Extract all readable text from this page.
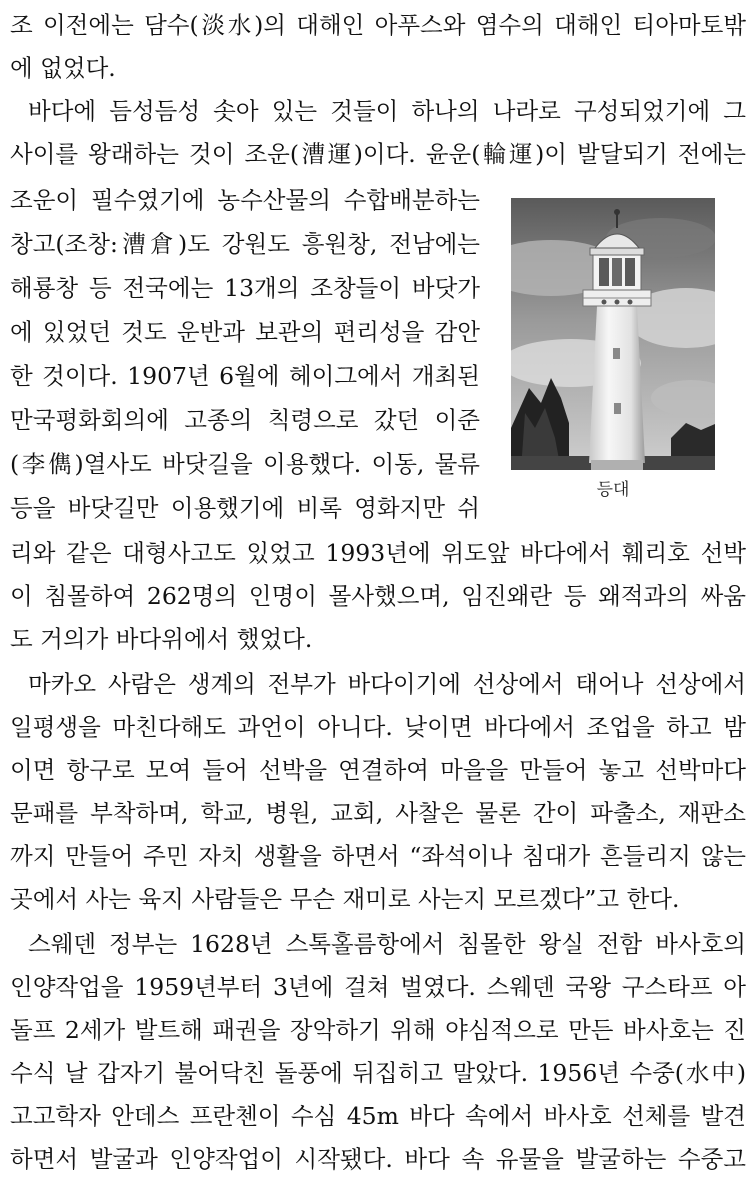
조 이전에는 담수(淡水)의 대해인 아푸스와 염수의 대해인 티아마토밖
에 없었다.
바다에 듬성듬성 솟아 있는 것들이 하나의 나라로 구성되었기에 그
사이를 왕래하는 것이 조운(漕運)이다. 윤운(輪運)이 발달되기 전에는
조운이 필수였기에 농수산물의 수합배분하는
창고(조창:漕倉)도 강원도 흥원창, 전남에는
해룡창 등 전국에는 13개의 조창들이 바닷가
에 있었던 것도 운반과 보관의 편리성을 감안
한 것이다. 1907년 6월에 헤이그에서 개최된
만국평화회의에 고종의 칙령으로 갔던 이준
(李儁)열사도 바닷길을 이용했다. 이동, 물류
등을 바닷길만 이용했기에 비록 영화지만 쉬
리와 같은 대형사고도 있었고 1993년에 위도앞 바다에서 훼리호 선박
이 침몰하여 262명의 인명이 몰사했으며, 임진왜란 등 왜적과의 싸움
도 거의가 바다위에서 했었다.
마카오 사람은 생계의 전부가 바다이기에 선상에서 태어나 선상에서
일평생을 마친다해도 과언이 아니다. 낮이면 바다에서 조업을 하고 밤
이면 항구로 모여 들어 선박을 연결하여 마을을 만들어 놓고 선박마다
문패를 부착하며, 학교, 병원, 교회, 사찰은 물론 간이 파출소, 재판소
까지 만들어 주민 자치 생활을 하면서 “좌석이나 침대가 흔들리지 않는
곳에서 사는 육지 사람들은 무슨 재미로 사는지 모르겠다”고 한다.
스웨덴 정부는 1628년 스톡홀름항에서 침몰한 왕실 전함 바사호의
인양작업을 1959년부터 3년에 걸쳐 벌였다. 스웨덴 국왕 구스타프 아
돌프 2세가 발트해 패권을 장악하기 위해 야심적으로 만든 바사호는 진
수식 날 갑자기 불어닥친 돌풍에 뒤집히고 말았다. 1956년 수중(水中)
고고학자 안데스 프란첸이 수심 45m 바다 속에서 바사호 선체를 발견
하면서 발굴과 인양작업이 시작됐다. 바다 속 유물을 발굴하는 수중고
등대
